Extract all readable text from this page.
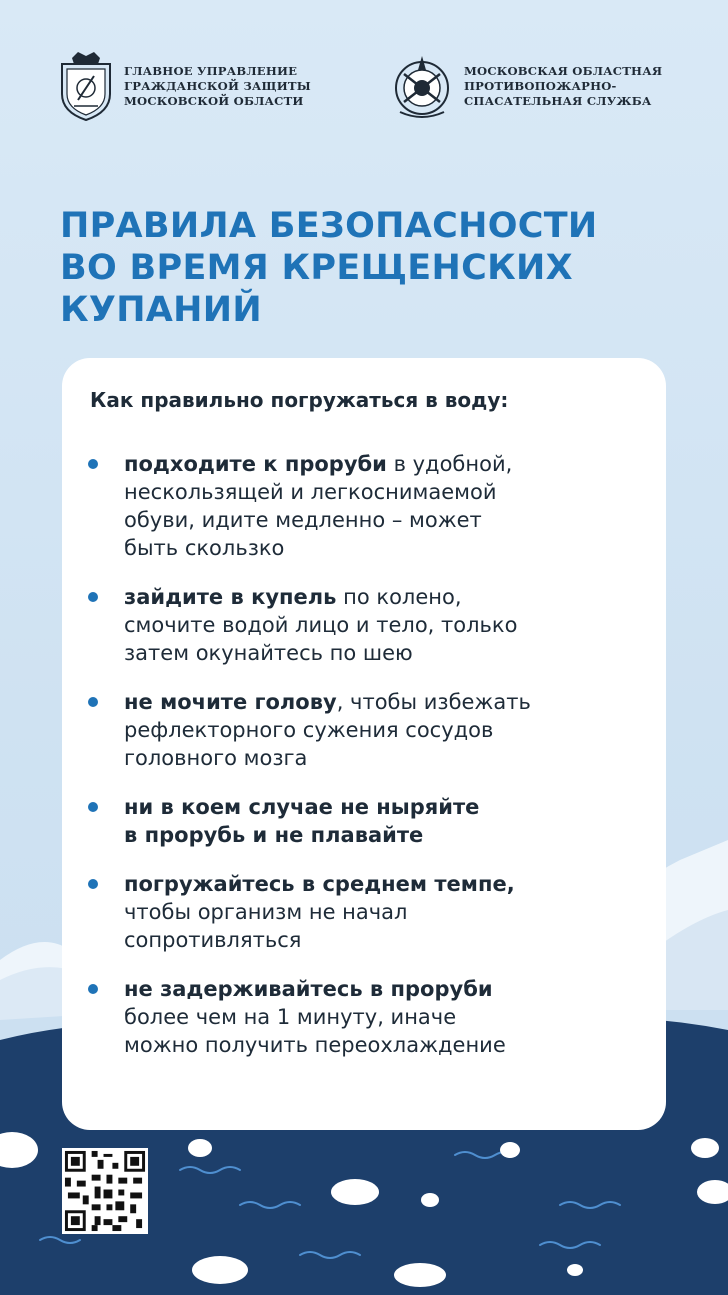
ГЛАВНОЕ УПРАВЛЕНИЕ
ГРАЖДАНСКОЙ ЗАЩИТЫ
МОСКОВСКОЙ ОБЛАСТИ
МОСКОВСКАЯ ОБЛАСТНАЯ
ПРОТИВОПОЖАРНО-
СПАСАТЕЛЬНАЯ СЛУЖБА
ПРАВИЛА БЕЗОПАСНОСТИ
ВО ВРЕМЯ КРЕЩЕНСКИХ
КУПАНИЙ
Как правильно погружаться в воду:
подходите к проруби в удобной,
нескользящей и легкоснимаемой
обуви, идите медленно – может
быть скользко
зайдите в купель по колено,
смочите водой лицо и тело, только
затем окунайтесь по шею
не мочите голову, чтобы избежать
рефлекторного сужения сосудов
головного мозга
ни в коем случае не ныряйте
в прорубь и не плавайте
погружайтесь в среднем темпе,
чтобы организм не начал
сопротивляться
не задерживайтесь в проруби
более чем на 1 минуту, иначе
можно получить переохлаждение
